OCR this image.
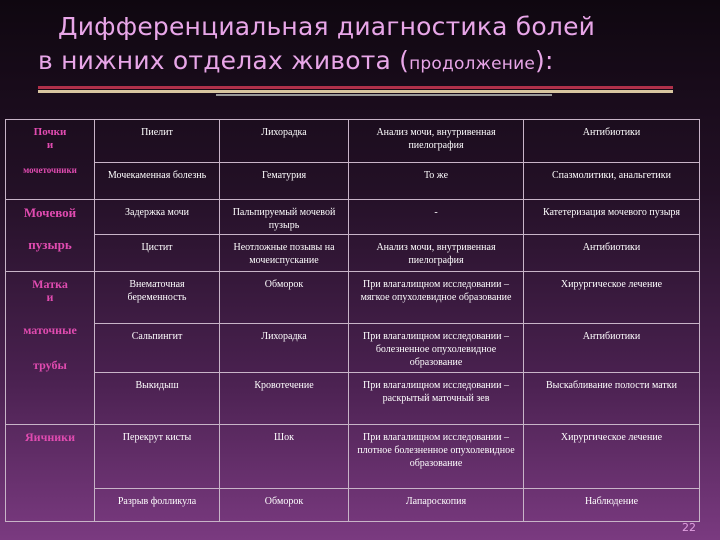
Дифференциальная диагностика болей
в нижних отделах живота (продолжение):
Почки
и
мочеточники	Пиелит	Лихорадка	Анализ мочи, внутривенная пиелография	Антибиотики
	Мочекаменная болезнь	Гематурия	То же	Спазмолитики, анальгетики

Мочевой
пузырь	Задержка мочи	Пальпируемый мочевой пузырь	-	Катетеризация мочевого пузыря
	Цистит	Неотложные позывы на мочеиспускание	Анализ мочи, внутривенная пиелография	Антибиотики

Матка
и
маточные
трубы	Внематочная беременность	Обморок	При влагалищном исследовании – мягкое опухолевидное образование	Хирургическое лечение
	Сальпингит	Лихорадка	При влагалищном исследовании – болезненное опухолевидное образование	Антибиотики
	Выкидыш	Кровотечение	При влагалищном исследовании – раскрытый маточный зев	Выскабливание полости матки

Яичники	Перекрут кисты	Шок	При влагалищном исследовании – плотное болезненное опухолевидное образование	Хирургическое лечение
	Разрыв фолликула	Обморок	Лапароскопия	Наблюдение
22
